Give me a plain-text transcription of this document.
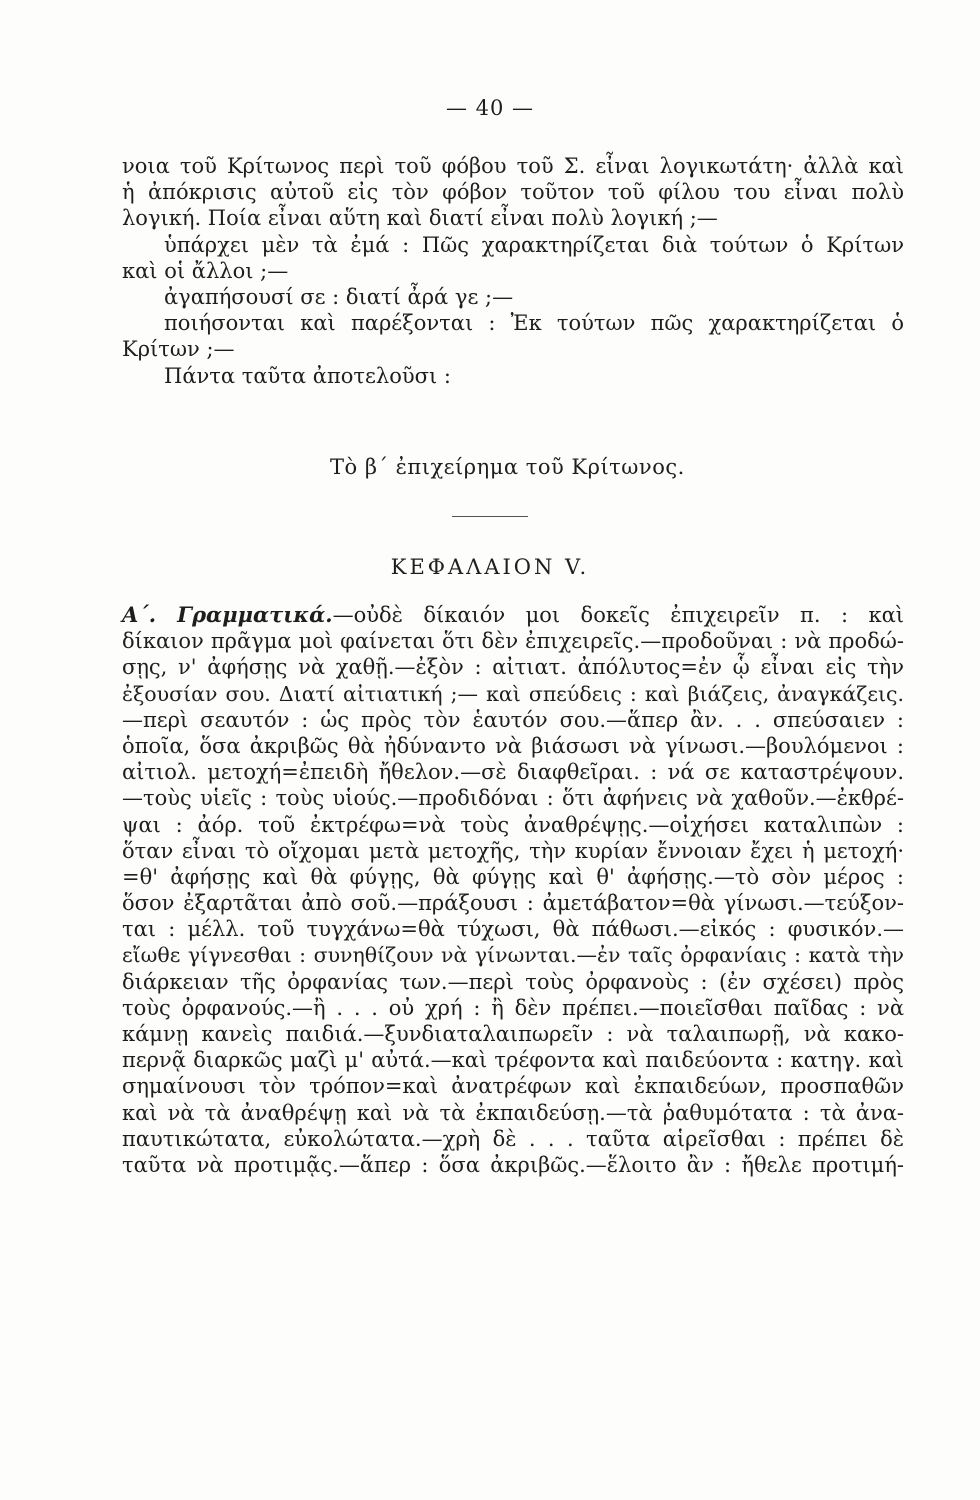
— 40 —
νοια τοῦ Κρίτωνος περὶ τοῦ φόβου τοῦ Σ. εἶναι λογικωτάτη· ἀλλὰ καὶ
ἡ ἀπόκρισις αὐτοῦ εἰς τὸν φόβον τοῦτον τοῦ φίλου του εἶναι πολὺ
λογική. Ποία εἶναι αὕτη καὶ διατί εἶναι πολὺ λογική ;—
ὑπάρχει μὲν τὰ ἐμά : Πῶς χαρακτηρίζεται διὰ τούτων ὁ Κρίτων
καὶ οἱ ἄλλοι ;—
ἀγαπήσουσί σε : διατί ἆρά γε ;—
ποιήσονται καὶ παρέξονται : Ἐκ τούτων πῶς χαρακτηρίζεται ὁ
Κρίτων ;—
Πάντα ταῦτα ἀποτελοῦσι :
Τὸ β΄ ἐπιχείρημα τοῦ Κρίτωνος.
ΚΕΦΑΛΑΙΟΝ V.
Α΄. Γραμματικά.—οὐδὲ δίκαιόν μοι δοκεῖς ἐπιχειρεῖν π. : καὶ
δίκαιον πρᾶγμα μοὶ φαίνεται ὅτι δὲν ἐπιχειρεῖς.—προδοῦναι : νὰ προδώ-
σῃς, ν' ἀφήσῃς νὰ χαθῇ.—ἐξὸν : αἰτιατ. ἀπόλυτος=ἐν ᾧ εἶναι εἰς τὴν
ἐξουσίαν σου. Διατί αἰτιατική ;— καὶ σπεύδεις : καὶ βιάζεις, ἀναγκάζεις.
—περὶ σεαυτόν : ὡς πρὸς τὸν ἑαυτόν σου.—ἅπερ ἂν. . . σπεύσαιεν :
ὁποῖα, ὅσα ἀκριβῶς θὰ ἠδύναντο νὰ βιάσωσι νὰ γίνωσι.—βουλόμενοι :
αἰτιολ. μετοχή=ἐπειδὴ ἤθελον.—σὲ διαφθεῖραι. : νά σε καταστρέψουν.
—τοὺς υἱεῖς : τοὺς υἱούς.—προδιδόναι : ὅτι ἀφήνεις νὰ χαθοῦν.—ἐκθρέ-
ψαι : ἀόρ. τοῦ ἐκτρέφω=νὰ τοὺς ἀναθρέψῃς.—οἰχήσει καταλιπὼν :
ὅταν εἶναι τὸ οἴχομαι μετὰ μετοχῆς, τὴν κυρίαν ἔννοιαν ἔχει ἡ μετοχή·
=θ' ἀφήσῃς καὶ θὰ φύγῃς, θὰ φύγῃς καὶ θ' ἀφήσῃς.—τὸ σὸν μέρος :
ὅσον ἐξαρτᾶται ἀπὸ σοῦ.—πράξουσι : ἀμετάβατον=θὰ γίνωσι.—τεύξον-
ται : μέλλ. τοῦ τυγχάνω=θὰ τύχωσι, θὰ πάθωσι.—εἰκός : φυσικόν.—
εἴωθε γίγνεσθαι : συνηθίζουν νὰ γίνωνται.—ἐν ταῖς ὀρφανίαις : κατὰ τὴν
διάρκειαν τῆς ὀρφανίας των.—περὶ τοὺς ὀρφανοὺς : (ἐν σχέσει) πρὸς
τοὺς ὀρφανούς.—ἢ . . . οὐ χρή : ἢ δὲν πρέπει.—ποιεῖσθαι παῖδας : νὰ
κάμνῃ κανεὶς παιδιά.—ξυνδιαταλαιπωρεῖν : νὰ ταλαιπωρῇ, νὰ κακο-
περνᾷ διαρκῶς μαζὶ μ' αὐτά.—καὶ τρέφοντα καὶ παιδεύοντα : κατηγ. καὶ
σημαίνουσι τὸν τρόπον=καὶ ἀνατρέφων καὶ ἐκπαιδεύων, προσπαθῶν
καὶ νὰ τὰ ἀναθρέψῃ καὶ νὰ τὰ ἐκπαιδεύσῃ.—τὰ ῥαθυμότατα : τὰ ἀνα-
παυτικώτατα, εὐκολώτατα.—χρὴ δὲ . . . ταῦτα αἱρεῖσθαι : πρέπει δὲ
ταῦτα νὰ προτιμᾷς.—ἅπερ : ὅσα ἀκριβῶς.—ἕλοιτο ἂν : ἤθελε προτιμή-
